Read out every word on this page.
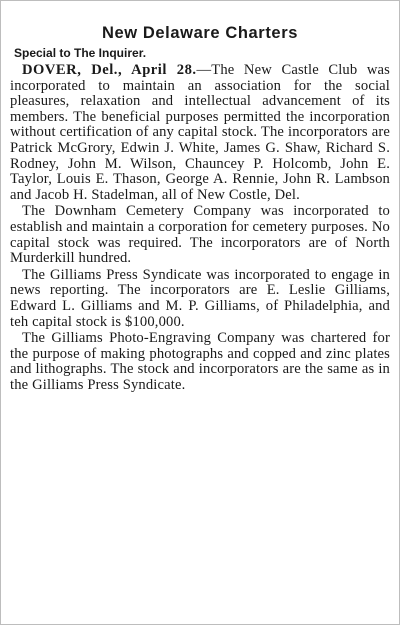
New Delaware Charters
Special to The Inquirer.

DOVER, Del., April 28.—The New Castle Club was incorporated to maintain an association for the social pleasures, relaxation and intellectual advancement of its members. The beneficial purposes permitted the incorporation without certification of any capital stock. The incorporators are Patrick McGrory, Edwin J. White, James G. Shaw, Richard S. Rodney, John M. Wilson, Chauncey P. Holcomb, John E. Taylor, Louis E. Thason, George A. Rennie, John R. Lambson and Jacob H. Stadelman, all of New Costle, Del.

The Downham Cemetery Company was incorporated to establish and maintain a corporation for cemetery purposes. No capital stock was required. The incorporators are of North Murderkill hundred.

The Gilliams Press Syndicate was incorporated to engage in news reporting. The incorporators are E. Leslie Gilliams, Edward L. Gilliams and M. P. Gilliams, of Philadelphia, and teh capital stock is $100,000.

The Gilliams Photo-Engraving Company was chartered for the purpose of making photographs and copped and zinc plates and lithographs. The stock and incorporators are the same as in the Gilliams Press Syndicate.
